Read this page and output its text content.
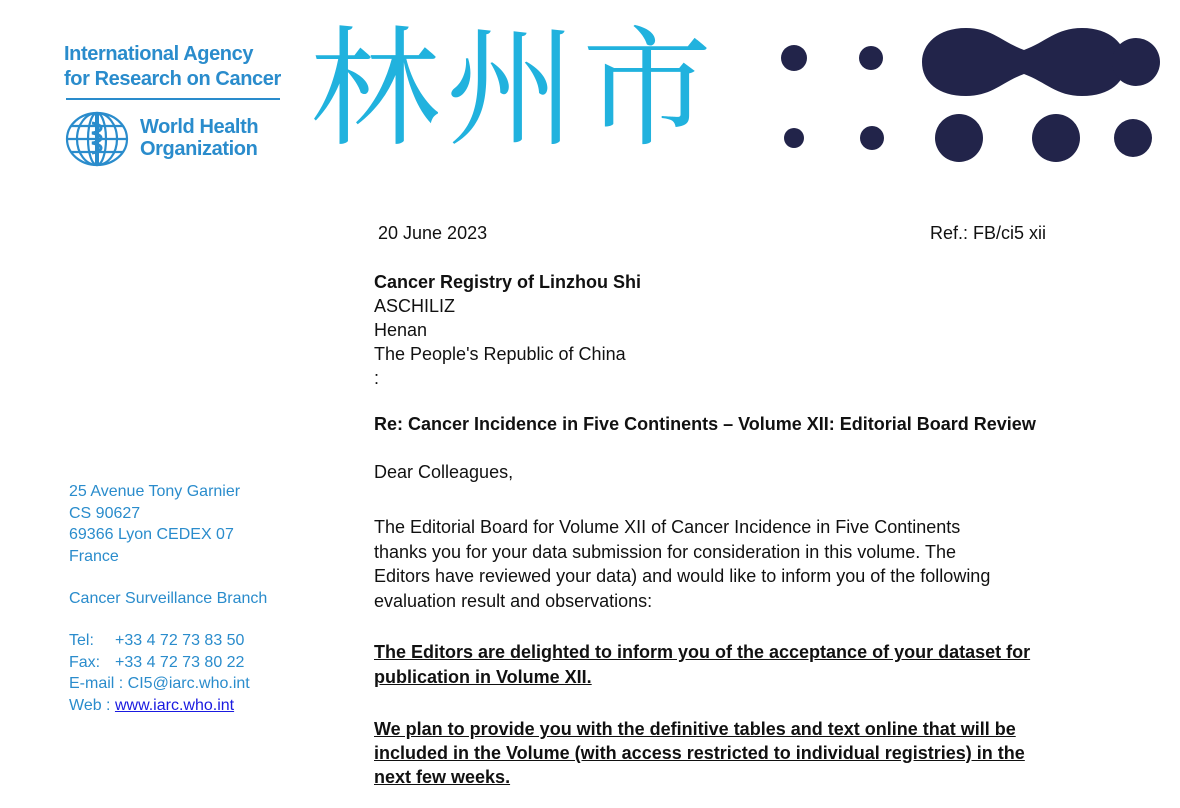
International Agency
for Research on Cancer
World Health
Organization 林州市
20 June 2023	Ref.: FB/ci5 xii
Cancer Registry of Linzhou Shi
ASCHILIZ
Henan
The People's Republic of China
:
Re: Cancer Incidence in Five Continents – Volume XII: Editorial Board Review
Dear Colleagues,
The Editorial Board for Volume XII of Cancer Incidence in Five Continents
thanks you for your data submission for consideration in this volume. The
Editors have reviewed your data) and would like to inform you of the following
evaluation result and observations:
The Editors are delighted to inform you of the acceptance of your dataset for
publication in Volume XII.
We plan to provide you with the definitive tables and text online that will be
included in the Volume (with access restricted to individual registries) in the
next few weeks.
25 Avenue Tony Garnier
CS 90627
69366 Lyon CEDEX 07
France
Cancer Surveillance Branch
Tel: +33 4 72 73 83 50
Fax: +33 4 72 73 80 22
E-mail : CI5@iarc.who.int
Web : www.iarc.who.int
